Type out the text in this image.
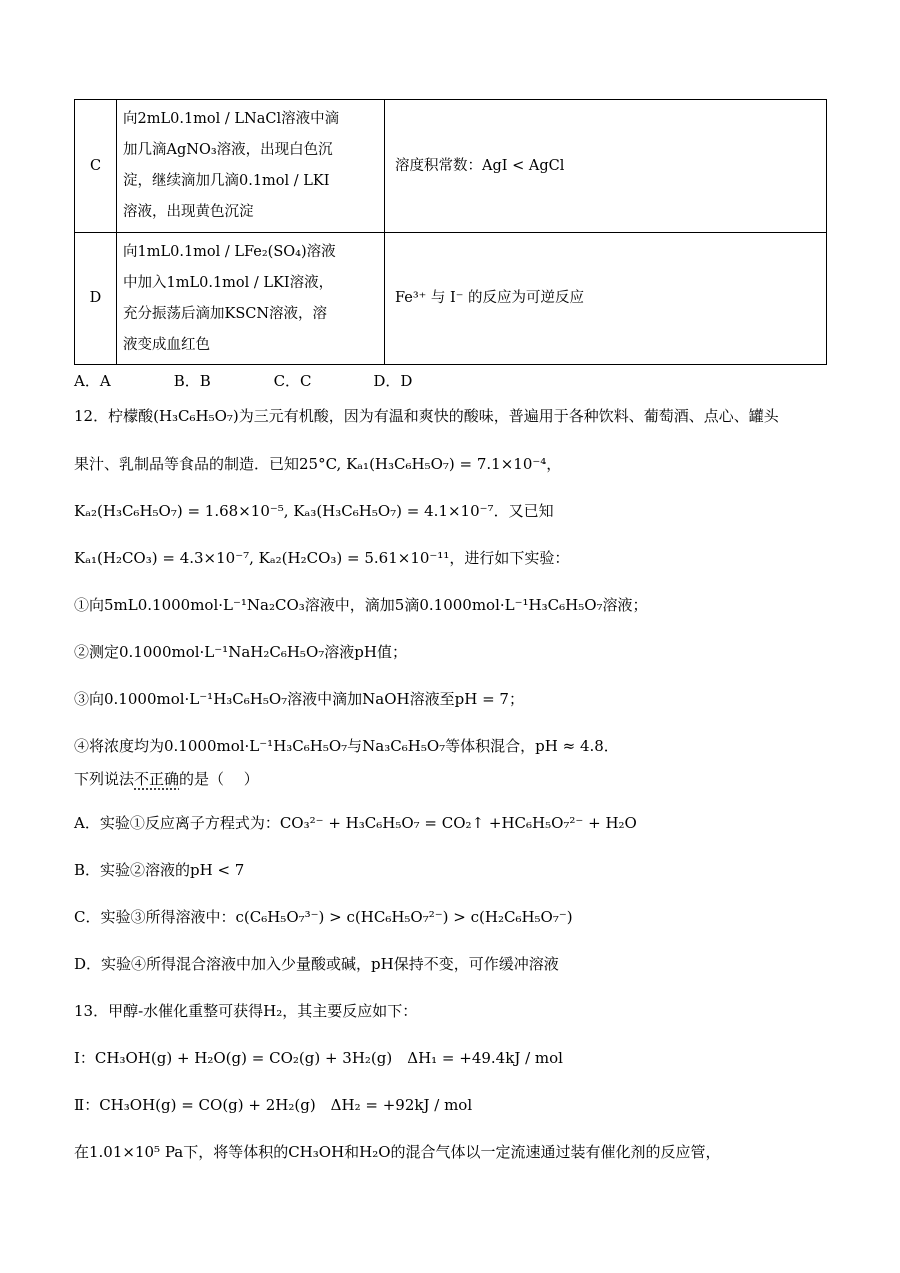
C	向2mL0.1mol / LNaCl溶液中滴
加几滴AgNO₃溶液，出现白色沉
淀，继续滴加几滴0.1mol / LKI
溶液，出现黄色沉淀	溶度积常数：AgI < AgCl
D	向1mL0.1mol / LFe₂(SO₄)溶液
中加入1mL0.1mol / LKI溶液，
充分振荡后滴加KSCN溶液，溶
液变成血红色	Fe³⁺ 与 I⁻ 的反应为可逆反应
A．A	B．B	C．C	D．D
12．柠檬酸(H₃C₆H₅O₇)为三元有机酸，因为有温和爽快的酸味，普遍用于各种饮料、葡萄酒、点心、罐头
果汁、乳制品等食品的制造．已知25°C, Kₐ₁(H₃C₆H₅O₇) = 7.1×10⁻⁴，
Kₐ₂(H₃C₆H₅O₇) = 1.68×10⁻⁵, Kₐ₃(H₃C₆H₅O₇) = 4.1×10⁻⁷．又已知
Kₐ₁(H₂CO₃) = 4.3×10⁻⁷, Kₐ₂(H₂CO₃) = 5.61×10⁻¹¹，进行如下实验：
①向5mL0.1000mol·L⁻¹Na₂CO₃溶液中，滴加5滴0.1000mol·L⁻¹H₃C₆H₅O₇溶液；
②测定0.1000mol·L⁻¹NaH₂C₆H₅O₇溶液pH值；
③向0.1000mol·L⁻¹H₃C₆H₅O₇溶液中滴加NaOH溶液至pH = 7；
④将浓度均为0.1000mol·L⁻¹H₃C₆H₅O₇与Na₃C₆H₅O₇等体积混合，pH ≈ 4.8．
下列说法不正确的是（　 ）
A．实验①反应离子方程式为：CO₃²⁻ + H₃C₆H₅O₇ = CO₂↑ +HC₆H₅O₇²⁻ + H₂O
B．实验②溶液的pH < 7
C．实验③所得溶液中：c(C₆H₅O₇³⁻) > c(HC₆H₅O₇²⁻) > c(H₂C₆H₅O₇⁻)
D．实验④所得混合溶液中加入少量酸或碱，pH保持不变，可作缓冲溶液
13．甲醇-水催化重整可获得H₂，其主要反应如下：
Ⅰ：CH₃OH(g) + H₂O(g) = CO₂(g) + 3H₂(g)　ΔH₁ = +49.4kJ / mol
Ⅱ：CH₃OH(g) = CO(g) + 2H₂(g)　ΔH₂ = +92kJ / mol
在1.01×10⁵ Pa下，将等体积的CH₃OH和H₂O的混合气体以一定流速通过装有催化剂的反应管，
